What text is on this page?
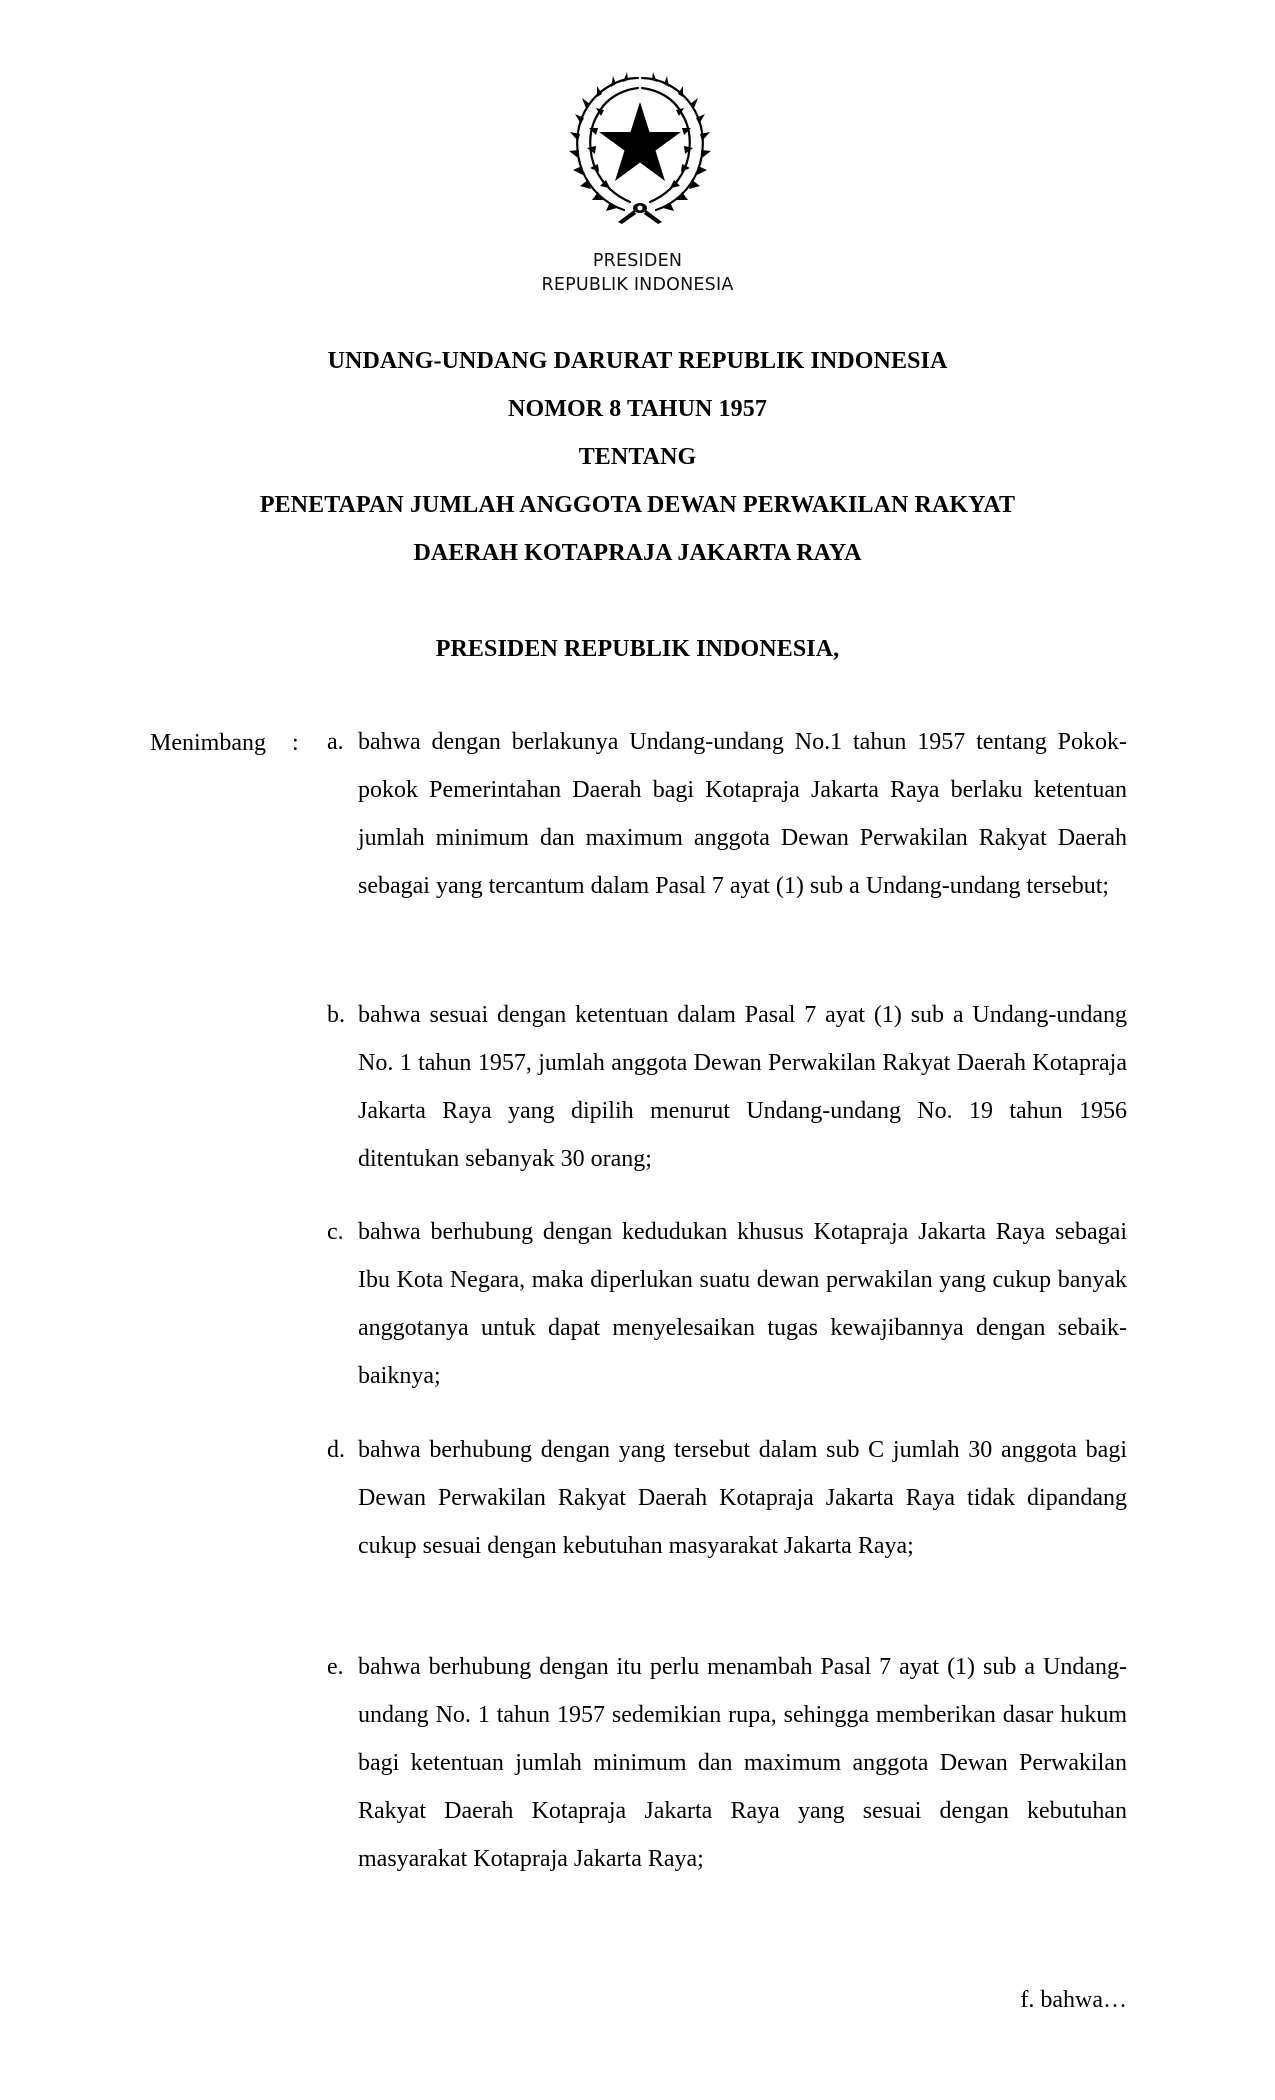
PRESIDEN
REPUBLIK INDONESIA
UNDANG-UNDANG DARURAT REPUBLIK INDONESIA
NOMOR 8 TAHUN 1957
TENTANG
PENETAPAN JUMLAH ANGGOTA DEWAN PERWAKILAN RAKYAT
DAERAH KOTAPRAJA JAKARTA RAYA
PRESIDEN REPUBLIK INDONESIA,
Menimbang : a. bahwa dengan berlakunya Undang-undang No.1 tahun 1957 tentang Pokok-pokok Pemerintahan Daerah bagi Kotapraja Jakarta Raya berlaku ketentuan jumlah minimum dan maximum anggota Dewan Perwakilan Rakyat Daerah sebagai yang tercantum dalam Pasal 7 ayat (1) sub a Undang-undang tersebut;
b. bahwa sesuai dengan ketentuan dalam Pasal 7 ayat (1) sub a Undang-undang No. 1 tahun 1957, jumlah anggota Dewan Perwakilan Rakyat Daerah Kotapraja Jakarta Raya yang dipilih menurut Undang-undang No. 19 tahun 1956 ditentukan sebanyak 30 orang;
c. bahwa berhubung dengan kedudukan khusus Kotapraja Jakarta Raya sebagai Ibu Kota Negara, maka diperlukan suatu dewan perwakilan yang cukup banyak anggotanya untuk dapat menyelesaikan tugas kewajibannya dengan sebaik-baiknya;
d. bahwa berhubung dengan yang tersebut dalam sub C jumlah 30 anggota bagi Dewan Perwakilan Rakyat Daerah Kotapraja Jakarta Raya tidak dipandang cukup sesuai dengan kebutuhan masyarakat Jakarta Raya;
e. bahwa berhubung dengan itu perlu menambah Pasal 7 ayat (1) sub a Undang-undang No. 1 tahun 1957 sedemikian rupa, sehingga memberikan dasar hukum bagi ketentuan jumlah minimum dan maximum anggota Dewan Perwakilan Rakyat Daerah Kotapraja Jakarta Raya yang sesuai dengan kebutuhan masyarakat Kotapraja Jakarta Raya;
f. bahwa…
